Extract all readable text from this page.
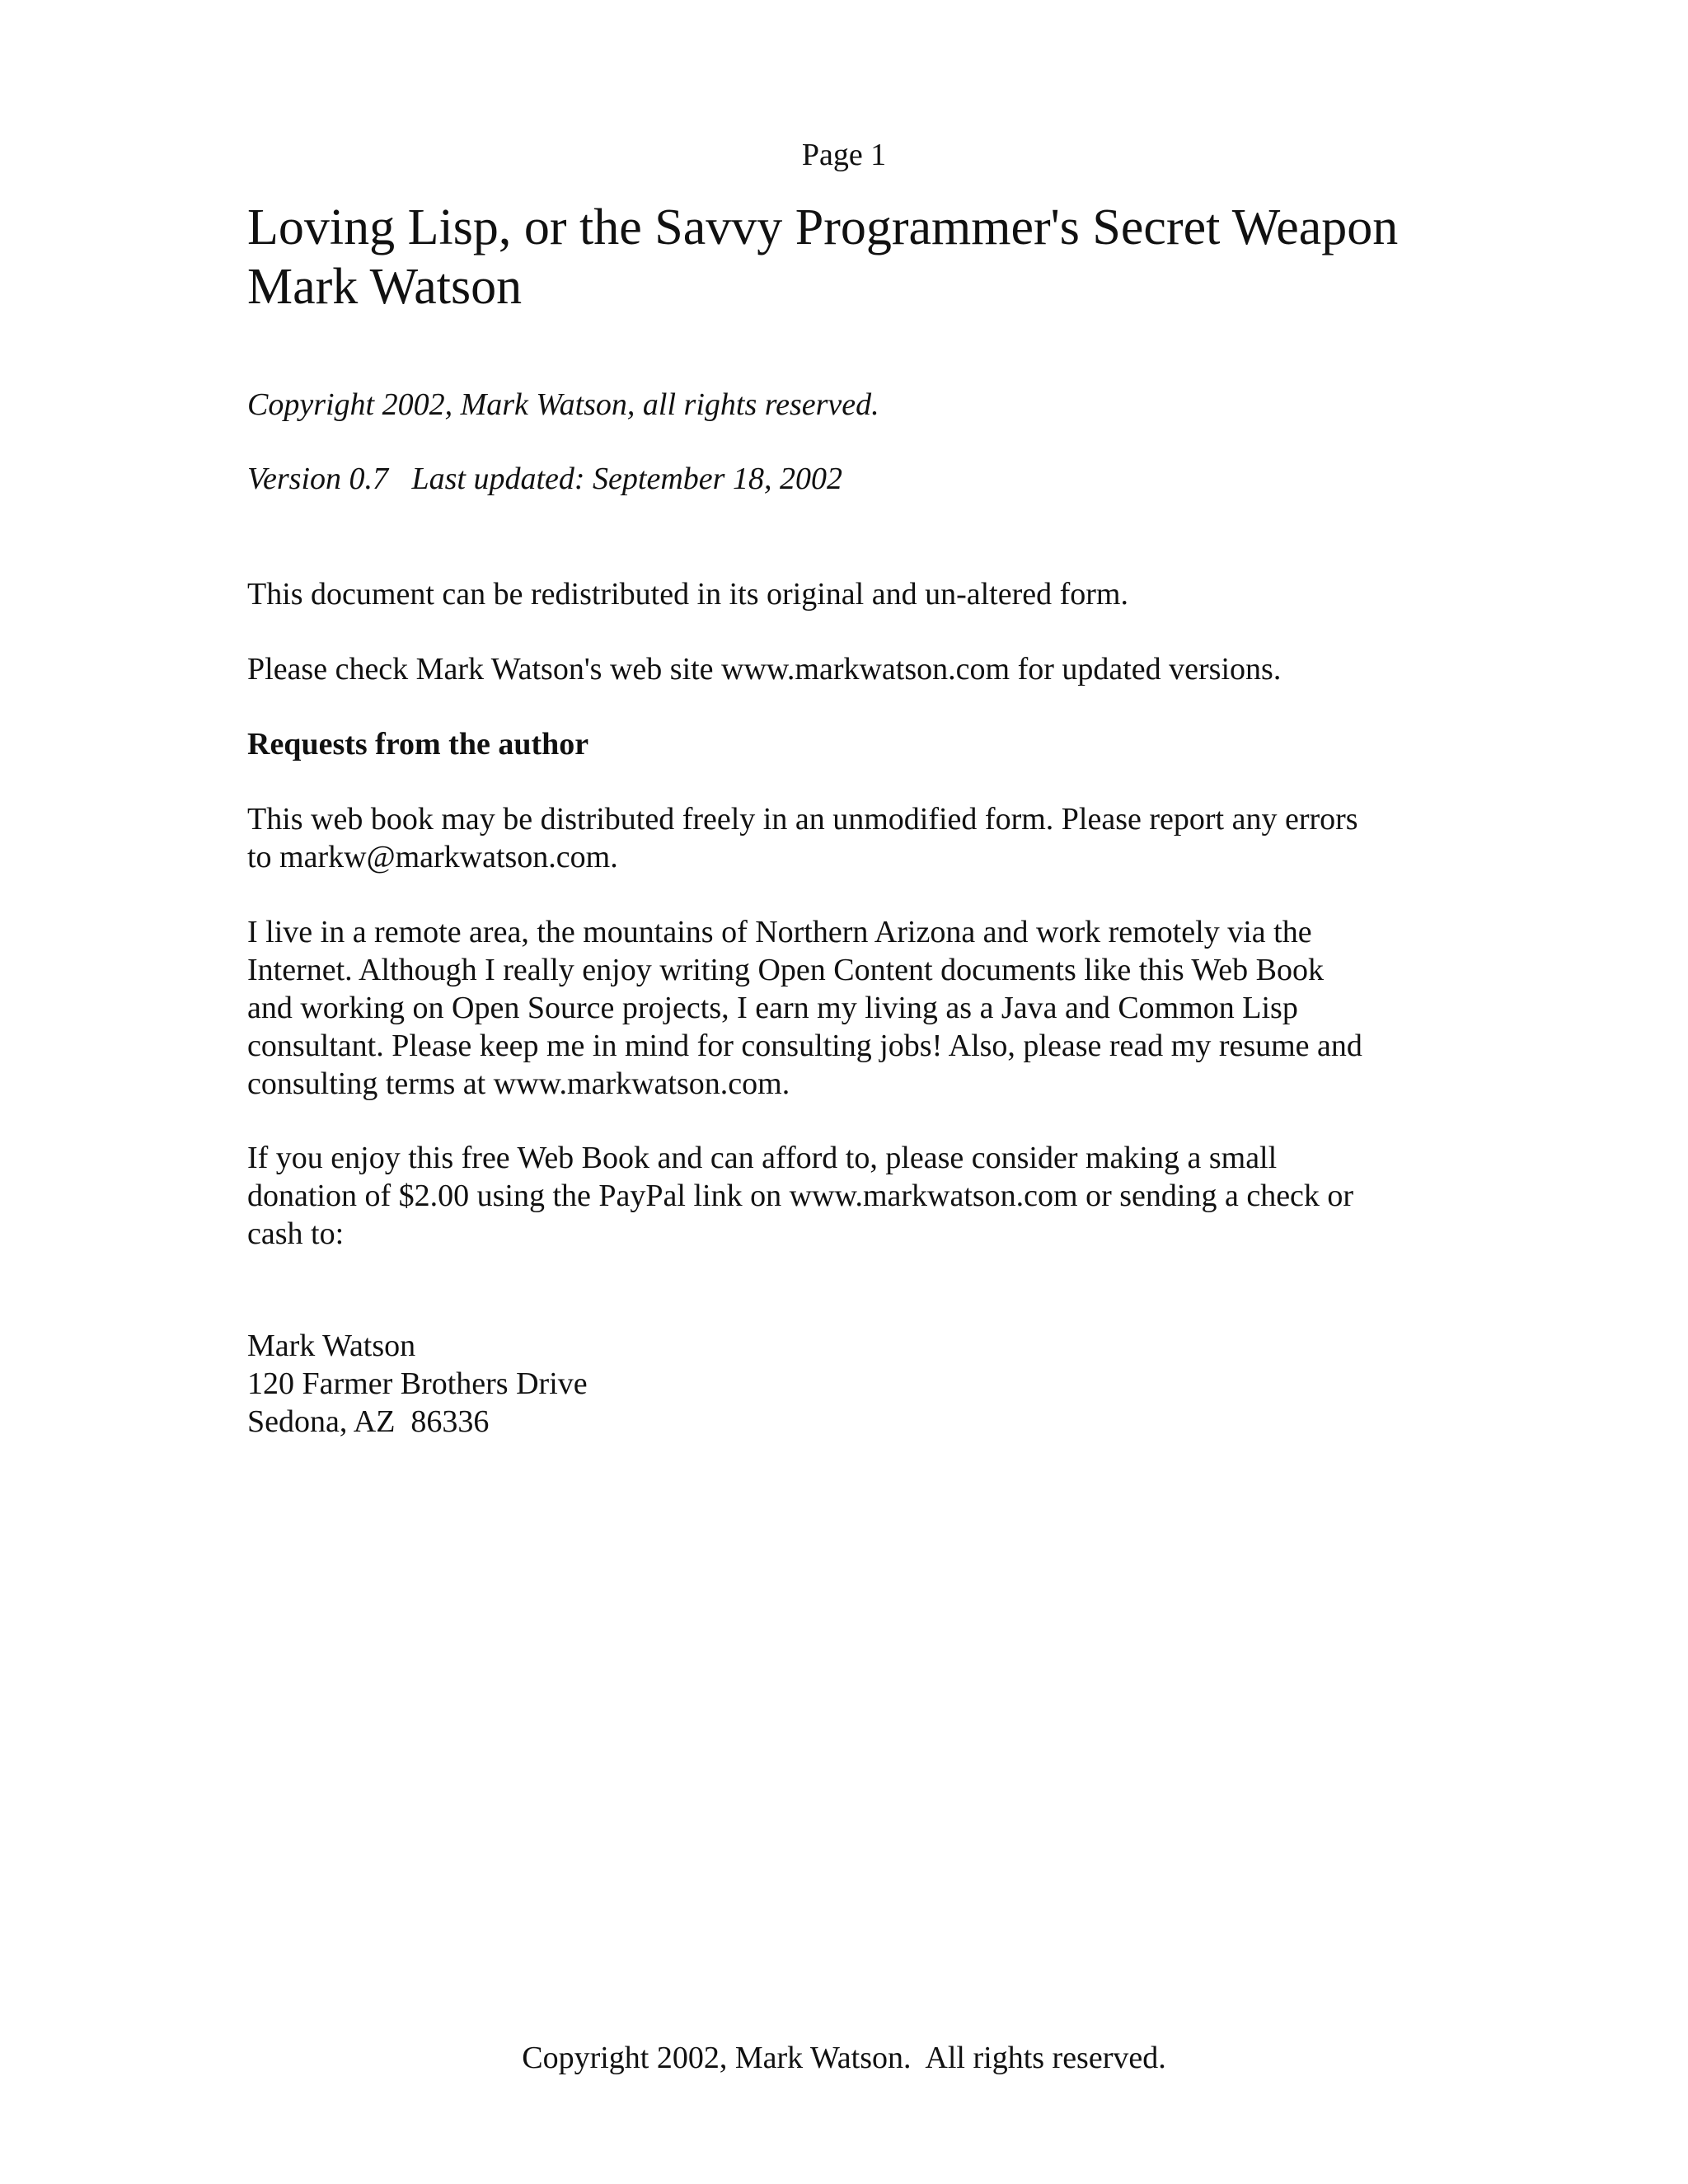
Page 1
Loving Lisp, or the Savvy Programmer's Secret Weapon
Mark Watson

Copyright 2002, Mark Watson, all rights reserved.

Version 0.7   Last updated: September 18, 2002

This document can be redistributed in its original and un-altered form.

Please check Mark Watson's web site www.markwatson.com for updated versions.

Requests from the author

This web book may be distributed freely in an unmodified form. Please report any errors
to markw@markwatson.com.

I live in a remote area, the mountains of Northern Arizona and work remotely via the
Internet. Although I really enjoy writing Open Content documents like this Web Book
and working on Open Source projects, I earn my living as a Java and Common Lisp
consultant. Please keep me in mind for consulting jobs! Also, please read my resume and
consulting terms at www.markwatson.com.

If you enjoy this free Web Book and can afford to, please consider making a small
donation of $2.00 using the PayPal link on www.markwatson.com or sending a check or
cash to:

Mark Watson
120 Farmer Brothers Drive
Sedona, AZ  86336

Copyright 2002, Mark Watson.  All rights reserved.
